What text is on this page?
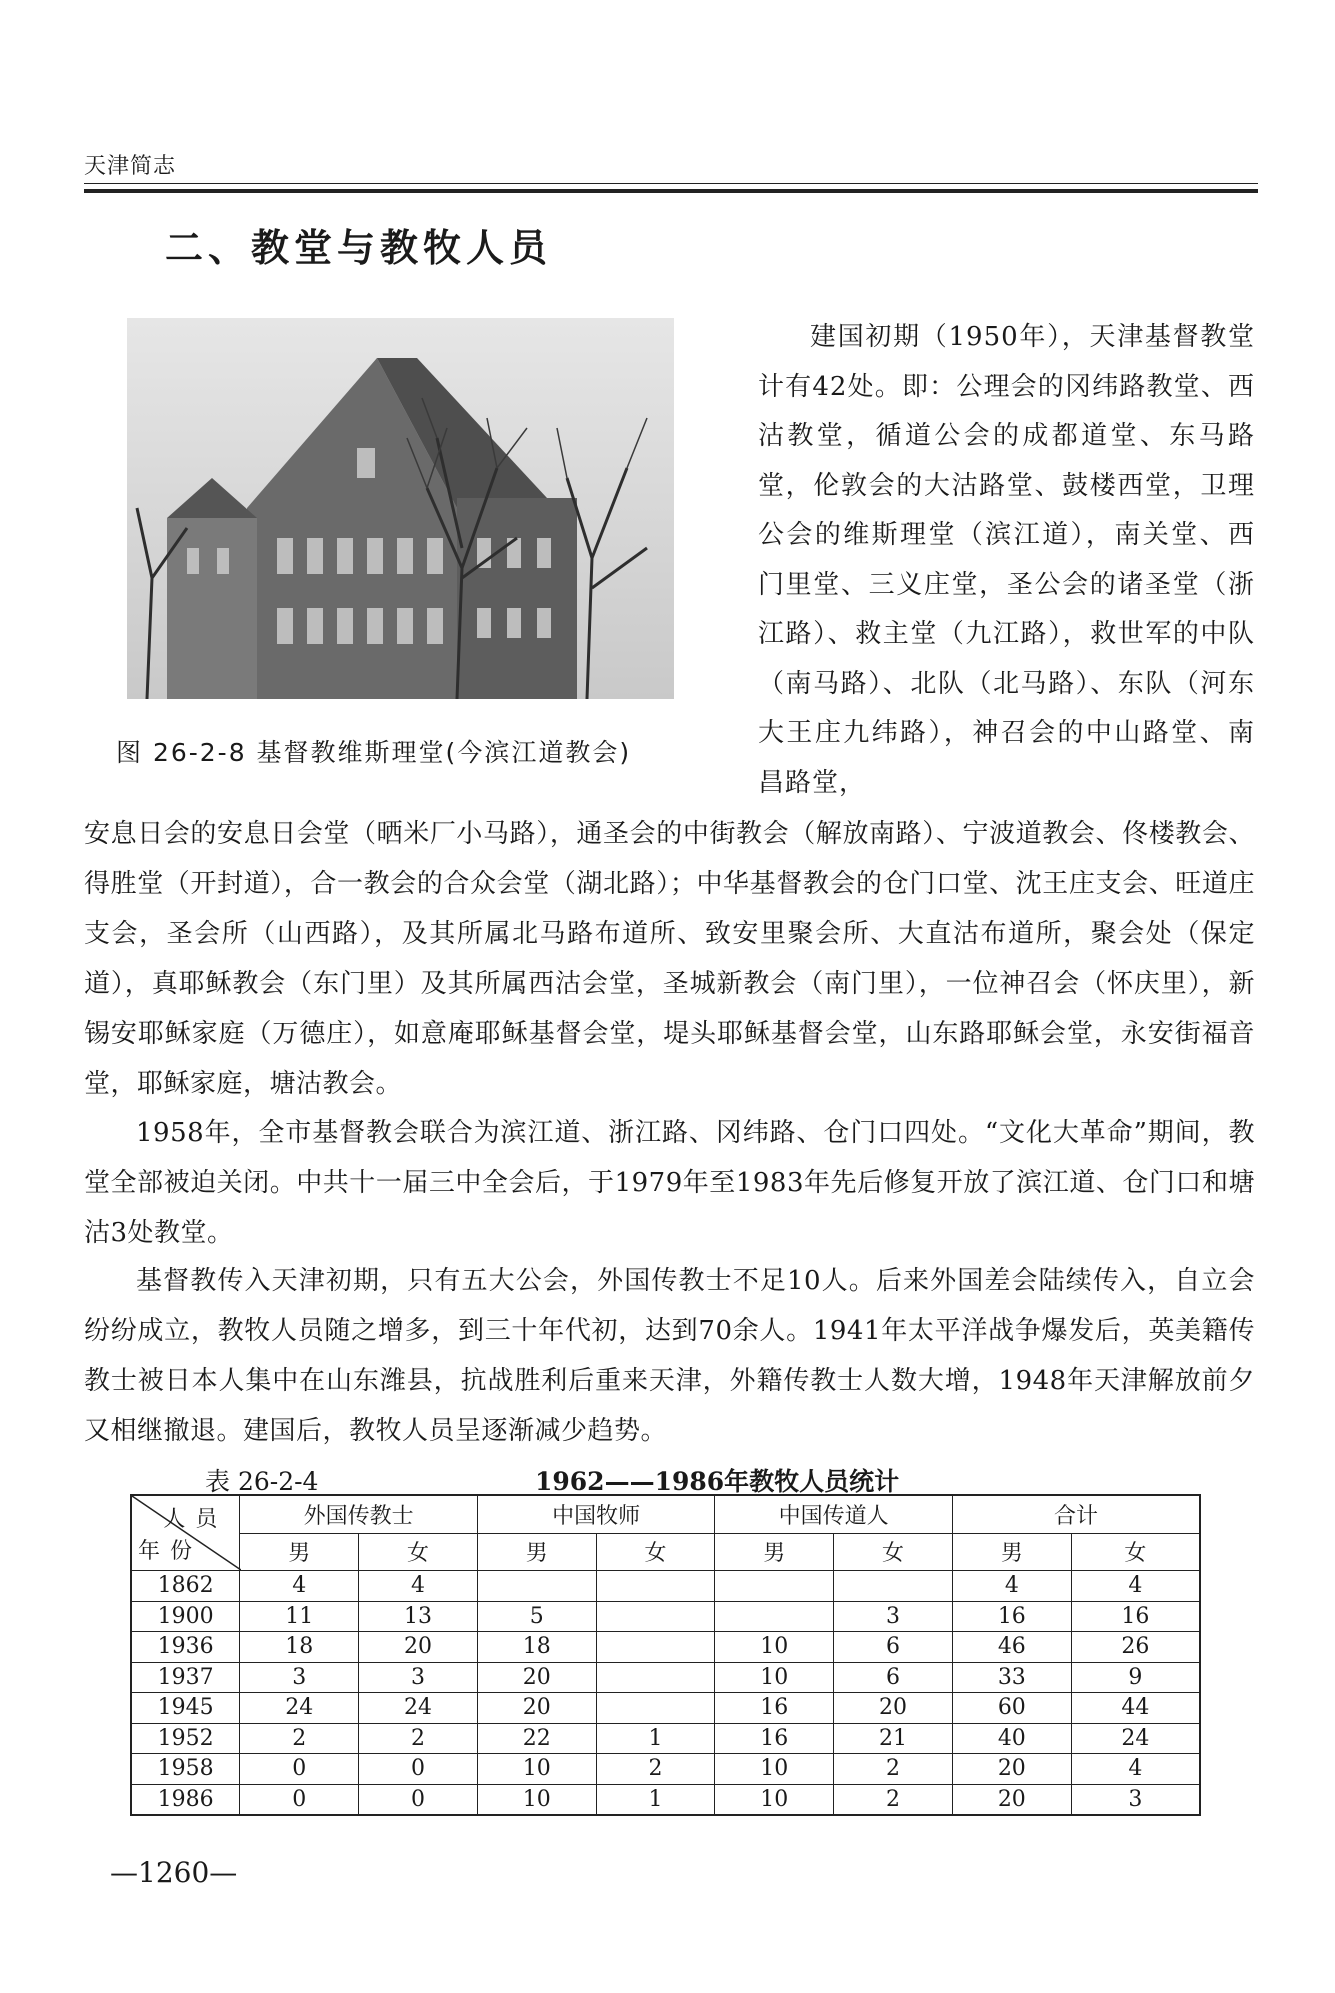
天津简志
二、教堂与教牧人员
图 26-2-8 基督教维斯理堂(今滨江道教会)

建国初期（1950年），天津基督教堂计有42处。即：公理会的冈纬路教堂、西沽教堂，循道公会的成都道堂、东马路堂，伦敦会的大沽路堂、鼓楼西堂，卫理公会的维斯理堂（滨江道），南关堂、西门里堂、三义庄堂，圣公会的诸圣堂（浙江路）、救主堂（九江路），救世军的中队（南马路）、北队（北马路）、东队（河东大王庄九纬路），神召会的中山路堂、南昌路堂，

安息日会的安息日会堂（晒米厂小马路），通圣会的中街教会（解放南路）、宁波道教会、佟楼教会、得胜堂（开封道），合一教会的合众会堂（湖北路）；中华基督教会的仓门口堂、沈王庄支会、旺道庄支会，圣会所（山西路），及其所属北马路布道所、致安里聚会所、大直沽布道所，聚会处（保定道），真耶稣教会（东门里）及其所属西沽会堂，圣城新教会（南门里），一位神召会（怀庆里），新锡安耶稣家庭（万德庄），如意庵耶稣基督会堂，堤头耶稣基督会堂，山东路耶稣会堂，永安街福音堂，耶稣家庭，塘沽教会。

1958年，全市基督教会联合为滨江道、浙江路、冈纬路、仓门口四处。“文化大革命”期间，教堂全部被迫关闭。中共十一届三中全会后，于1979年至1983年先后修复开放了滨江道、仓门口和塘沽3处教堂。

基督教传入天津初期，只有五大公会，外国传教士不足10人。后来外国差会陆续传入，自立会纷纷成立，教牧人员随之增多，到三十年代初，达到70余人。1941年太平洋战争爆发后，英美籍传教士被日本人集中在山东潍县，抗战胜利后重来天津，外籍传教士人数大增，1948年天津解放前夕又相继撤退。建国后，教牧人员呈逐渐减少趋势。

表 26-2-4	1962——1986年教牧人员统计
人员
年份	外国传教士		中国牧师		中国传道人		合计	
	男	女	男	女	男	女	男	女
1862	4	4					4	4
1900	11	13	5			3	16	16
1936	18	20	18		10	6	46	26
1937	3	3	20		10	6	33	9
1945	24	24	20		16	20	60	44
1952	2	2	22	1	16	21	40	24
1958	0	0	10	2	10	2	20	4
1986	0	0	10	1	10	2	20	3
—1260—
